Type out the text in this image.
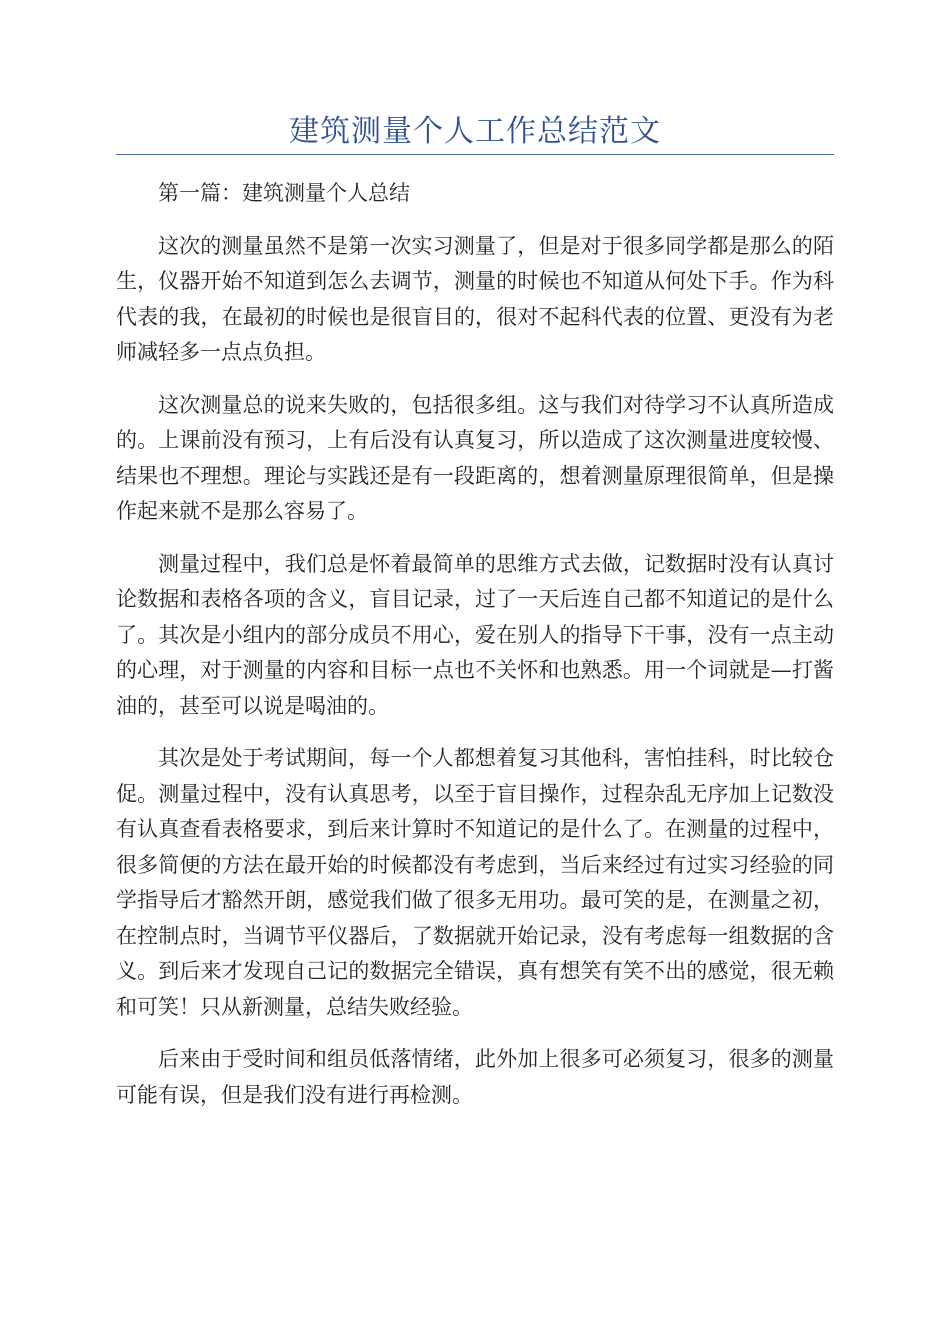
建筑测量个人工作总结范文

第一篇：建筑测量个人总结

这次的测量虽然不是第一次实习测量了，但是对于很多同学都是那么的陌生，仪器开始不知道到怎么去调节，测量的时候也不知道从何处下手。作为科代表的我，在最初的时候也是很盲目的，很对不起科代表的位置、更没有为老师减轻多一点点负担。

这次测量总的说来失败的，包括很多组。这与我们对待学习不认真所造成的。上课前没有预习，上有后没有认真复习，所以造成了这次测量进度较慢、结果也不理想。理论与实践还是有一段距离的，想着测量原理很简单，但是操作起来就不是那么容易了。

测量过程中，我们总是怀着最简单的思维方式去做，记数据时没有认真讨论数据和表格各项的含义，盲目记录，过了一天后连自己都不知道记的是什么了。其次是小组内的部分成员不用心，爱在别人的指导下干事，没有一点主动的心理，对于测量的内容和目标一点也不关怀和也熟悉。用一个词就是—打酱油的，甚至可以说是喝油的。

其次是处于考试期间，每一个人都想着复习其他科，害怕挂科，时比较仓促。测量过程中，没有认真思考，以至于盲目操作，过程杂乱无序加上记数没有认真查看表格要求，到后来计算时不知道记的是什么了。在测量的过程中，很多简便的方法在最开始的时候都没有考虑到，当后来经过有过实习经验的同学指导后才豁然开朗，感觉我们做了很多无用功。最可笑的是，在测量之初，在控制点时，当调节平仪器后，了数据就开始记录，没有考虑每一组数据的含义。到后来才发现自己记的数据完全错误，真有想笑有笑不出的感觉，很无赖和可笑！只从新测量，总结失败经验。

后来由于受时间和组员低落情绪，此外加上很多可必须复习，很多的测量可能有误，但是我们没有进行再检测。
